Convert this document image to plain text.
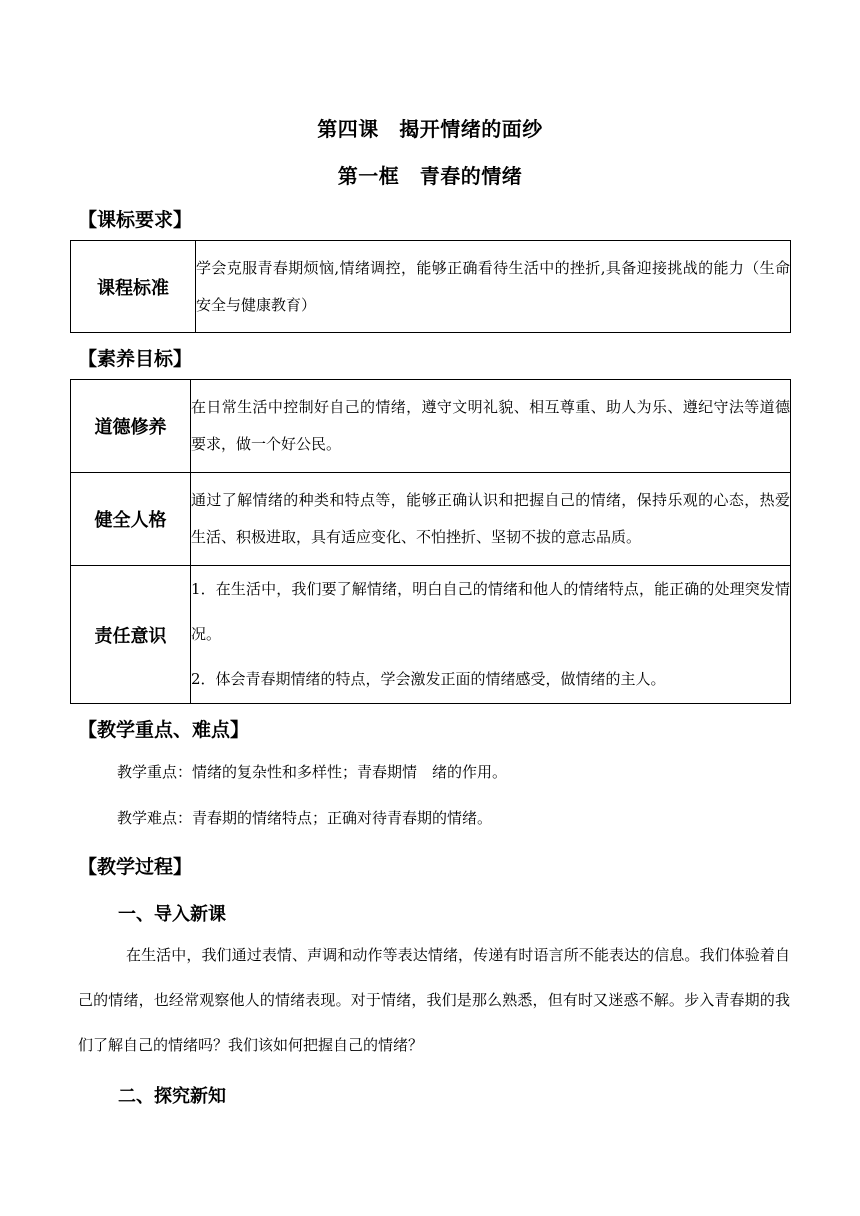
第四课　揭开情绪的面纱
第一框　青春的情绪
【课标要求】
课程标准	学会克服青春期烦恼,情绪调控，能够正确看待生活中的挫折,具备迎接挑战的能力（生命安全与健康教育）
【素养目标】
道德修养	在日常生活中控制好自己的情绪，遵守文明礼貌、相互尊重、助人为乐、遵纪守法等道德要求，做一个好公民。

健全人格	通过了解情绪的种类和特点等，能够正确认识和把握自己的情绪，保持乐观的心态，热爱生活、积极进取，具有适应变化、不怕挫折、坚韧不拔的意志品质。

责任意识	1．在生活中，我们要了解情绪，明白自己的情绪和他人的情绪特点，能正确的处理突发情况。

2．体会青春期情绪的特点，学会激发正面的情绪感受，做情绪的主人。

【教学重点、难点】
教学重点：情绪的复杂性和多样性；青春期情　绪的作用。
教学难点：青春期的情绪特点；正确对待青春期的情绪。
【教学过程】
一、导入新课
在生活中，我们通过表情、声调和动作等表达情绪，传递有时语言所不能表达的信息。我们体验着自己的情绪，也经常观察他人的情绪表现。对于情绪，我们是那么熟悉，但有时又迷惑不解。步入青春期的我们了解自己的情绪吗？我们该如何把握自己的情绪？
二、探究新知
